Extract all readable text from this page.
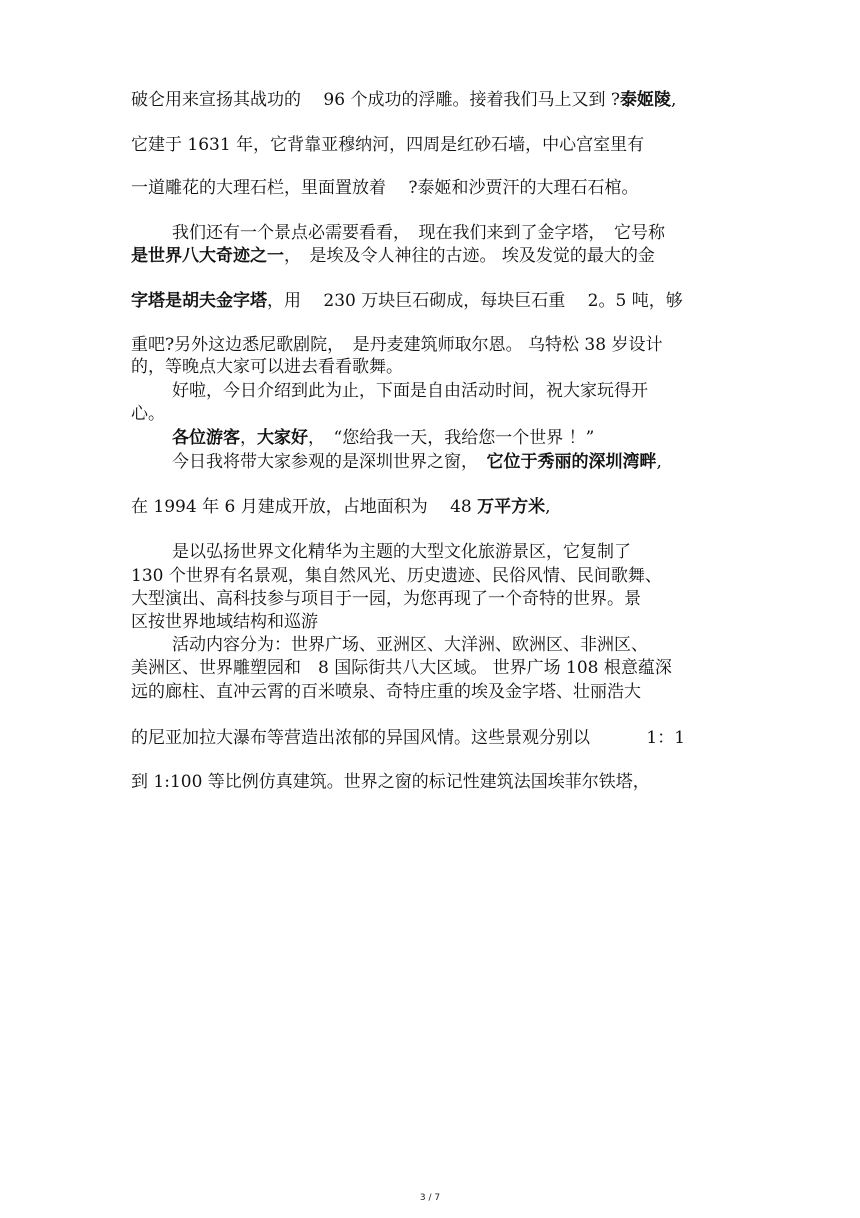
破仑用来宣扬其战功的　 96 个成功的浮雕。接着我们马上又到 ?泰姬陵,
它建于 1631 年，它背靠亚穆纳河，四周是红砂石墙，中心宫室里有
一道雕花的大理石栏，里面置放着　 ?泰姬和沙贾汗的大理石石棺。
我们还有一个景点必需要看看，　现在我们来到了金字塔，　它号称
是世界八大奇迹之一，　是埃及令人神往的古迹。 埃及发觉的最大的金
字塔是胡夫金字塔，用　 230 万块巨石砌成，每块巨石重　 2。5 吨，够
重吧?另外这边悉尼歌剧院，　是丹麦建筑师取尔恩。 乌特松 38 岁设计
的，等晚点大家可以进去看看歌舞。
好啦，今日介绍到此为止，下面是自由活动时间，祝大家玩得开
心。
各位游客，大家好，　“您给我一天，我给您一个世界 ！”
今日我将带大家参观的是深圳世界之窗，　它位于秀丽的深圳湾畔,
在 1994 年 6 月建成开放，占地面积为　 48 万平方米,
是以弘扬世界文化精华为主题的大型文化旅游景区，它复制了
130 个世界有名景观，集自然风光、历史遗迹、民俗风情、民间歌舞、
大型演出、高科技参与项目于一园，为您再现了一个奇特的世界。景
区按世界地域结构和巡游
活动内容分为：世界广场、亚洲区、大洋洲、欧洲区、非洲区、
美洲区、世界雕塑园和　8 国际街共八大区域。 世界广场 108 根意蕴深
远的廊柱、直冲云霄的百米喷泉、奇特庄重的埃及金字塔、壮丽浩大
的尼亚加拉大瀑布等营造出浓郁的异国风情。这些景观分别以　　　 1：1
到 1:100 等比例仿真建筑。世界之窗的标记性建筑法国埃菲尔铁塔，
3 / 7
